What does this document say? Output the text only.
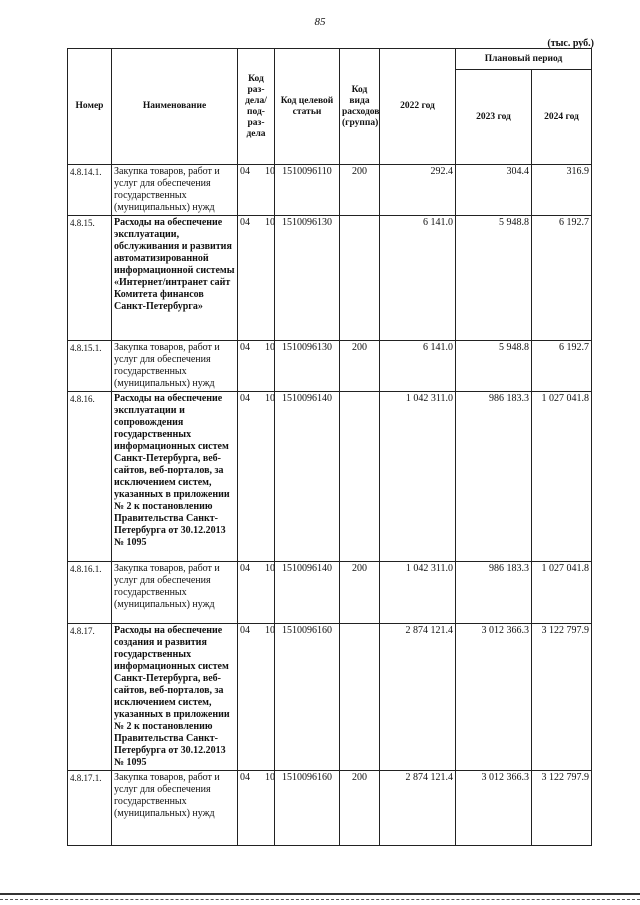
85
(тыс. руб.)
Номер	Наименование	Код раз-дела/ под-раз-дела	Код целевой статьи	Код вида расходов (группа)	2022 год	Плановый период	
						2023 год	2024 год
4.8.14.1.	Закупка товаров, работ и услуг для обеспечения государственных (муниципальных) нужд	04 10	1510096110	200	292.4	304.4	316.9
4.8.15.	Расходы на обеспечение эксплуатации, обслуживания и развития автоматизированной информационной системы «Интернет/интранет сайт Комитета финансов Санкт-Петербурга»	04 10	1510096130		6 141.0	5 948.8	6 192.7
4.8.15.1.	Закупка товаров, работ и услуг для обеспечения государственных (муниципальных) нужд	04 10	1510096130	200	6 141.0	5 948.8	6 192.7
4.8.16.	Расходы на обеспечение эксплуатации и сопровождения государственных информационных систем Санкт-Петербурга, веб-сайтов, веб-порталов, за исключением систем, указанных в приложении № 2 к постановлению Правительства Санкт-Петербурга от 30.12.2013 № 1095	04 10	1510096140		1 042 311.0	986 183.3	1 027 041.8
4.8.16.1.	Закупка товаров, работ и услуг для обеспечения государственных (муниципальных) нужд	04 10	1510096140	200	1 042 311.0	986 183.3	1 027 041.8
4.8.17.	Расходы на обеспечение создания и развития государственных информационных систем Санкт-Петербурга, веб-сайтов, веб-порталов, за исключением систем, указанных в приложении № 2 к постановлению Правительства Санкт-Петербурга от 30.12.2013 № 1095	04 10	1510096160		2 874 121.4	3 012 366.3	3 122 797.9
4.8.17.1.	Закупка товаров, работ и услуг для обеспечения государственных (муниципальных) нужд	04 10	1510096160	200	2 874 121.4	3 012 366.3	3 122 797.9
